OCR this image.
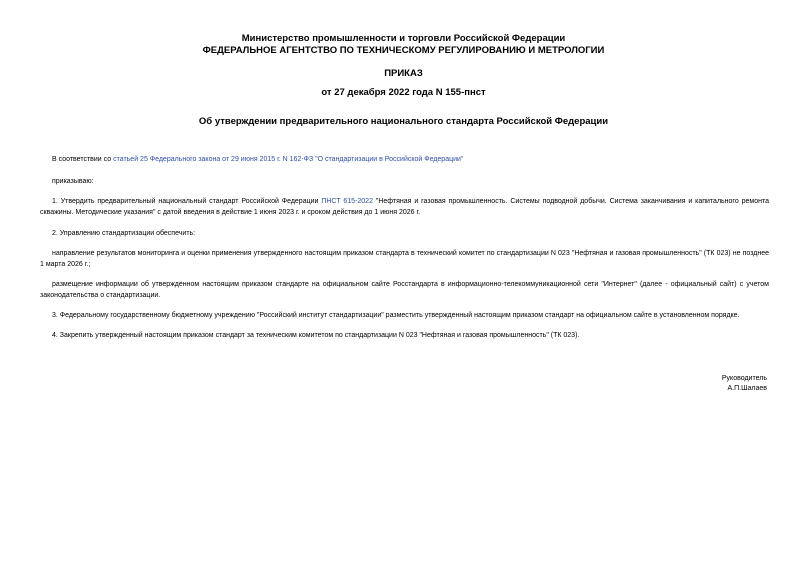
Министерство промышленности и торговли Российской Федерации
ФЕДЕРАЛЬНОЕ АГЕНТСТВО ПО ТЕХНИЧЕСКОМУ РЕГУЛИРОВАНИЮ И МЕТРОЛОГИИ
ПРИКАЗ
от 27 декабря 2022 года N 155-пнст
Об утверждении предварительного национального стандарта Российской Федерации
В соответствии со статьей 25 Федерального закона от 29 июня 2015 г. N 162-ФЗ "О стандартизации в Российской Федерации"
приказываю:
1. Утвердить предварительный национальный стандарт Российской Федерации ПНСТ 615-2022 "Нефтяная и газовая промышленность. Системы подводной добычи. Система заканчивания и капитального ремонта скважины. Методические указания" с датой введения в действие 1 июня 2023 г. и сроком действия до 1 июня 2026 г.
2. Управлению стандартизации обеспечить:
направление результатов мониторинга и оценки применения утвержденного настоящим приказом стандарта в технический комитет по стандартизации N 023 "Нефтяная и газовая промышленность" (ТК 023) не позднее 1 марта 2026 г.;
размещение информации об утвержденном настоящим приказом стандарте на официальном сайте Росстандарта в информационно-телекоммуникационной сети "Интернет" (далее - официальный сайт) с учетом законодательства о стандартизации.
3. Федеральному государственному бюджетному учреждению "Российский институт стандартизации" разместить утвержденный настоящим приказом стандарт на официальном сайте в установленном порядке.
4. Закрепить утвержденный настоящим приказом стандарт за техническим комитетом по стандартизации N 023 "Нефтяная и газовая промышленность" (ТК 023).
Руководитель
А.П.Шалаев
